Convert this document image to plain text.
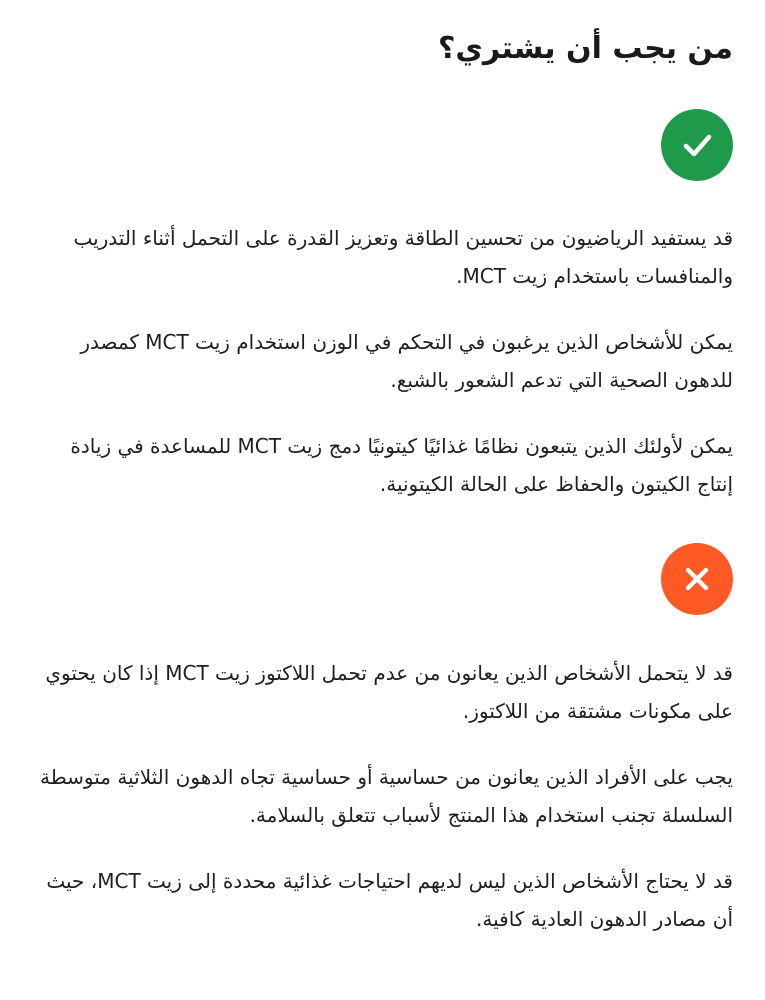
من يجب أن يشتري؟

قد يستفيد الرياضيون من تحسين الطاقة وتعزيز القدرة على التحمل أثناء التدريب والمنافسات باستخدام زيت MCT.

يمكن للأشخاص الذين يرغبون في التحكم في الوزن استخدام زيت MCT كمصدر للدهون الصحية التي تدعم الشعور بالشبع.

يمكن لأولئك الذين يتبعون نظامًا غذائيًا كيتونيًا دمج زيت MCT للمساعدة في زيادة إنتاج الكيتون والحفاظ على الحالة الكيتونية.

قد لا يتحمل الأشخاص الذين يعانون من عدم تحمل اللاكتوز زيت MCT إذا كان يحتوي على مكونات مشتقة من اللاكتوز.

يجب على الأفراد الذين يعانون من حساسية أو حساسية تجاه الدهون الثلاثية متوسطة السلسلة تجنب استخدام هذا المنتج لأسباب تتعلق بالسلامة.

قد لا يحتاج الأشخاص الذين ليس لديهم احتياجات غذائية محددة إلى زيت MCT، حيث أن مصادر الدهون العادية كافية.
